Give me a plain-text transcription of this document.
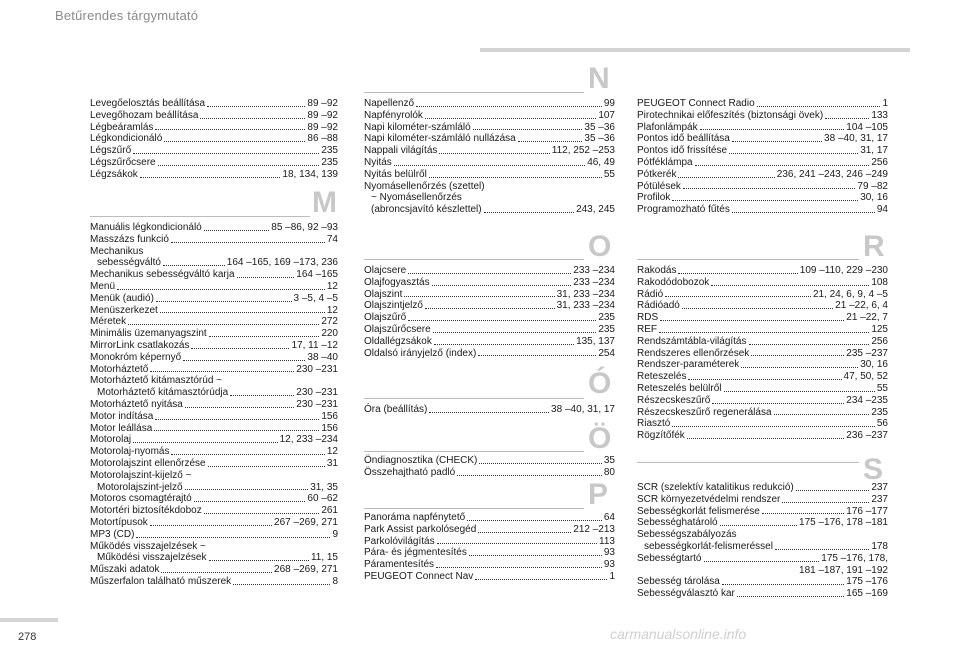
Betűrendes tárgymutató
Levegőelosztás beállítása	89 –92
Levegőhozam beállítása	89 –92
Légbeáramlás	89 –92
Légkondicionáló	86 –88
Légszűrő	235
Légszűrőcsere	235
Légzsákok	18, 134, 139
M
Manuális légkondicionáló	85 –86, 92 –93
Masszázs funkció	74
Mechanikus
sebességváltó	164 –165, 169 –173, 236
Mechanikus sebességváltó karja	164 –165
Menü	12
Menük (audió)	3 –5, 4 –5
Menüszerkezet	12
Méretek	272
Minimális üzemanyagszint	220
MirrorLink csatlakozás	17, 11 –12
Monokróm képernyő	38 –40
Motorháztető	230 –231
Motorháztető kitámasztórúd ~
Motorháztető kitámasztórúdja	230 –231
Motorháztető nyitása	230 –231
Motor indítása	156
Motor leállása	156
Motorolaj	12, 233 –234
Motorolaj-nyomás	12
Motorolajszint ellenőrzése	31
Motorolajszint-kijelző ~
Motorolajszint-jelző	31, 35
Motoros csomagtérajtó	60 –62
Motortéri biztosítékdoboz	261
Motortípusok	267 –269, 271
MP3 (CD)	9
Működés visszajelzések ~
Működési visszajelzések	11, 15
Műszaki adatok	268 –269, 271
Műszerfalon található műszerek	8
N
Napellenző	99
Napfényrolók	107
Napi kilométer-számláló	35 –36
Napi kilométer-számláló nullázása	35 –36
Nappali világítás	112, 252 –253
Nyitás	46, 49
Nyitás belülről	55
Nyomásellenőrzés (szettel)
~ Nyomásellenőrzés
(abroncsjavító készlettel)	243, 245
O
Olajcsere	233 –234
Olajfogyasztás	233 –234
Olajszint	31, 233 –234
Olajszintjelző	31, 233 –234
Olajszűrő	235
Olajszűrőcsere	235
Oldallégzsákok	135, 137
Oldalsó irányjelző (index)	254
Ó
Óra (beállítás)	38 –40, 31, 17
Ö
Öndiagnosztika (CHECK)	35
Összehajtható padló	80
P
Panoráma napfénytető	64
Park Assist parkolósegéd	212 –213
Parkolóvilágítás	113
Pára- és jégmentesítés	93
Páramentesítés	93
PEUGEOT Connect Nav	1
PEUGEOT Connect Radio	1
Pirotechnikai előfeszítés (biztonsági övek)	133
Plafonlámpák	104 –105
Pontos idő beállítása	38 –40, 31, 17
Pontos idő frissítése	31, 17
Pótféklámpa	256
Pótkerék	236, 241 –243, 246 –249
Pótülések	79 –82
Profilok	30, 16
Programozható fűtés	94
R
Rakodás	109 –110, 229 –230
Rakodódobozok	108
Rádió	21, 24, 6, 9, 4 –5
Rádióadó	21 –22, 6, 4
RDS	21 –22, 7
REF	125
Rendszámtábla-világítás	256
Rendszeres ellenőrzések	235 –237
Rendszer-paraméterek	30, 16
Reteszelés	47, 50, 52
Reteszelés belülről	55
Részecskeszűrő	234 –235
Részecskeszűrő regenerálása	235
Riasztó	56
Rögzítőfék	236 –237
S
SCR (szelektív katalitikus redukció)	237
SCR környezetvédelmi rendszer	237
Sebességkorlát felismerése	176 –177
Sebességhatároló	175 –176, 178 –181
Sebességszabályozás
sebességkorlát-felismeréssel	178
Sebességtartó	175 –176, 178,
181 –187, 191 –192
Sebesség tárolása	175 –176
Sebességválasztó kar	165 –169
278	carmanualsonline.info
